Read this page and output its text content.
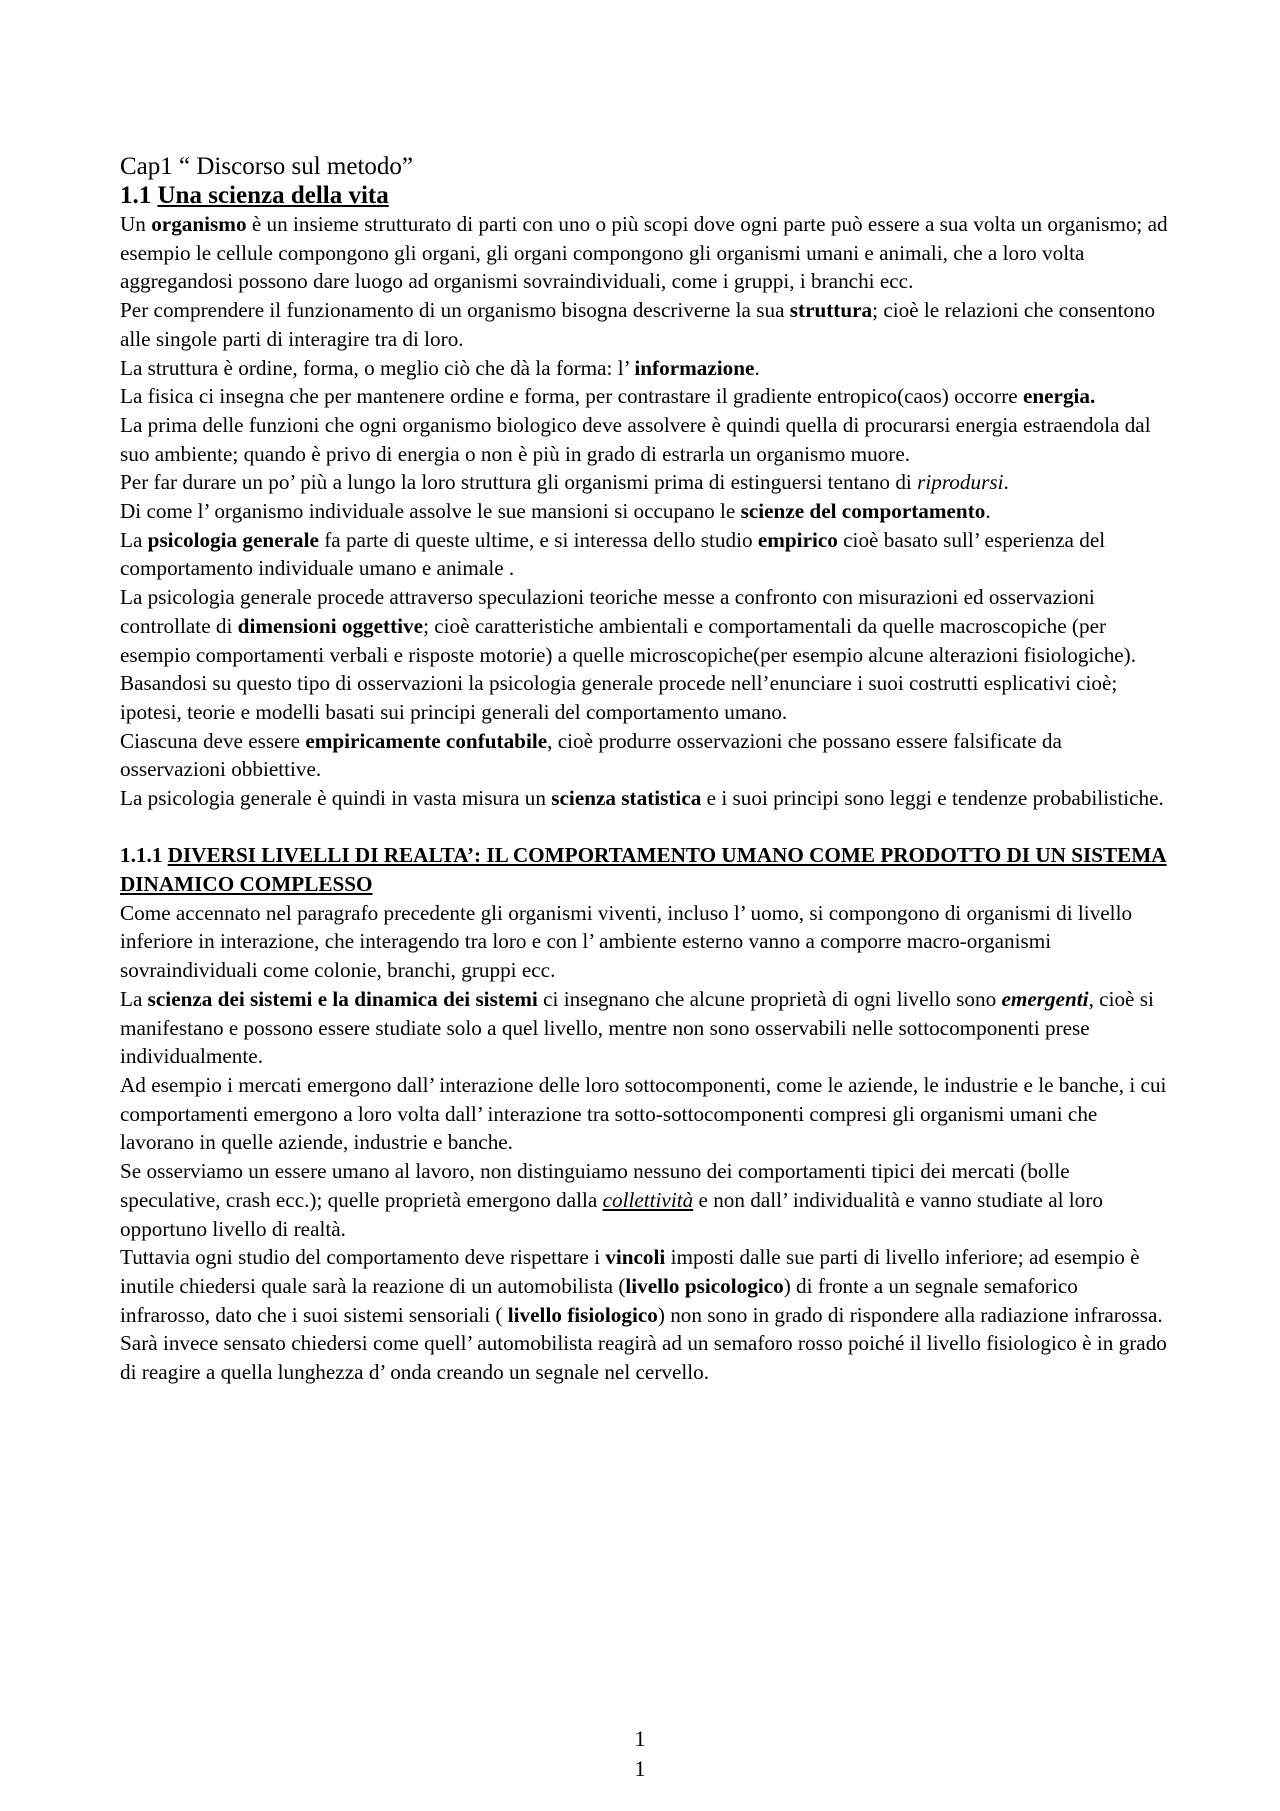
Cap1 “ Discorso sul metodo”
1.1 Una scienza della vita

Un organismo è un insieme strutturato di parti con uno o più scopi dove ogni parte può essere a sua volta un organismo; ad esempio le cellule compongono gli organi, gli organi compongono gli organismi umani e animali, che a loro volta aggregandosi possono dare luogo ad organismi sovraindividuali, come i gruppi, i branchi ecc.

Per comprendere il funzionamento di un organismo bisogna descriverne la sua struttura; cioè le relazioni che consentono alle singole parti di interagire tra di loro.

La struttura è ordine, forma, o meglio ciò che dà la forma: l’ informazione.

La fisica ci insegna che per mantenere ordine e forma, per contrastare il gradiente entropico(caos) occorre energia.

La prima delle funzioni che ogni organismo biologico deve assolvere è quindi quella di procurarsi energia estraendola dal suo ambiente; quando è privo di energia o non è più in grado di estrarla un organismo muore.

Per far durare un po’ più a lungo la loro struttura gli organismi prima di estinguersi tentano di riprodursi.

Di come l’ organismo individuale assolve le sue mansioni si occupano le scienze del comportamento.

La psicologia generale fa parte di queste ultime, e si interessa dello studio empirico cioè basato sull’ esperienza del comportamento individuale umano e animale .

La psicologia generale procede attraverso speculazioni teoriche messe a confronto con misurazioni ed osservazioni controllate di dimensioni oggettive; cioè caratteristiche ambientali e comportamentali da quelle macroscopiche (per esempio comportamenti verbali e risposte motorie) a quelle microscopiche(per esempio alcune alterazioni fisiologiche).

Basandosi su questo tipo di osservazioni la psicologia generale procede nell’enunciare i suoi costrutti esplicativi cioè; ipotesi, teorie e modelli basati sui principi generali del comportamento umano.

Ciascuna deve essere empiricamente confutabile, cioè produrre osservazioni che possano essere falsificate da osservazioni obbiettive.

La psicologia generale è quindi in vasta misura un scienza statistica e i suoi principi sono leggi e tendenze probabilistiche.

1.1.1 DIVERSI LIVELLI DI REALTA’: IL COMPORTAMENTO UMANO COME PRODOTTO DI UN SISTEMA DINAMICO COMPLESSO

Come accennato nel paragrafo precedente gli organismi viventi, incluso l’ uomo, si compongono di organismi di livello inferiore in interazione, che interagendo tra loro e con l’ ambiente esterno vanno a comporre macro-organismi sovraindividuali come colonie, branchi, gruppi ecc.

La scienza dei sistemi e la dinamica dei sistemi ci insegnano che alcune proprietà di ogni livello sono emergenti, cioè si manifestano e possono essere studiate solo a quel livello, mentre non sono osservabili nelle sottocomponenti prese individualmente.

Ad esempio i mercati emergono dall’ interazione delle loro sottocomponenti, come le aziende, le industrie e le banche, i cui comportamenti emergono a loro volta dall’ interazione tra sotto-sottocomponenti compresi gli organismi umani che lavorano in quelle aziende, industrie e banche.

Se osserviamo un essere umano al lavoro, non distinguiamo nessuno dei comportamenti tipici dei mercati (bolle speculative, crash ecc.); quelle proprietà emergono dalla collettività e non dall’ individualità e vanno studiate al loro opportuno livello di realtà.

Tuttavia ogni studio del comportamento deve rispettare i vincoli imposti dalle sue parti di livello inferiore; ad esempio è inutile chiedersi quale sarà la reazione di un automobilista (livello psicologico) di fronte a un segnale semaforico infrarosso, dato che i suoi sistemi sensoriali ( livello fisiologico) non sono in grado di rispondere alla radiazione infrarossa.

Sarà invece sensato chiedersi come quell’ automobilista reagirà ad un semaforo rosso poiché il livello fisiologico è in grado di reagire a quella lunghezza d’ onda creando un segnale nel cervello.

1
1
